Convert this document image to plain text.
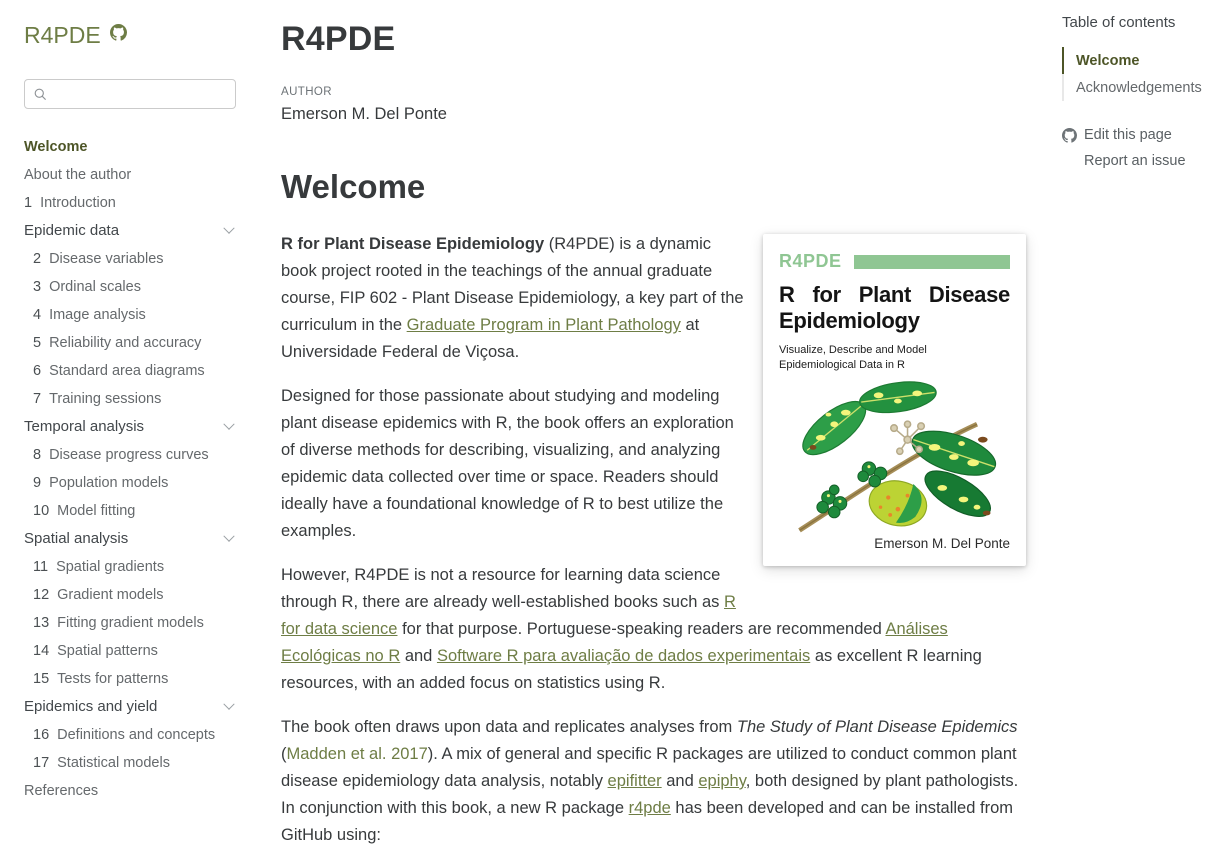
R4PDE
Welcome
About the author
1 Introduction
Epidemic data
2 Disease variables
3 Ordinal scales
4 Image analysis
5 Reliability and accuracy
6 Standard area diagrams
7 Training sessions
Temporal analysis
8 Disease progress curves
9 Population models
10 Model fitting
Spatial analysis
11 Spatial gradients
12 Gradient models
13 Fitting gradient models
14 Spatial patterns
15 Tests for patterns
Epidemics and yield
16 Definitions and concepts
17 Statistical models
References
R4PDE
AUTHOR
Emerson M. Del Ponte
Welcome
R4PDE
R for Plant Disease Epidemiology
Visualize, Describe and Model Epidemiological Data in R
Emerson M. Del Ponte

R for Plant Disease Epidemiology (R4PDE) is a dynamic book project rooted in the teachings of the annual graduate course, FIP 602 - Plant Disease Epidemiology, a key part of the curriculum in the Graduate Program in Plant Pathology at Universidade Federal de Viçosa.

Designed for those passionate about studying and modeling plant disease epidemics with R, the book offers an exploration of diverse methods for describing, visualizing, and analyzing epidemic data collected over time or space. Readers should ideally have a foundational knowledge of R to best utilize the examples.

However, R4PDE is not a resource for learning data science through R, there are already well-established books such as R for data science for that purpose. Portuguese-speaking readers are recommended Análises Ecológicas no R and Software R para avaliação de dados experimentais as excellent R learning resources, with an added focus on statistics using R.

The book often draws upon data and replicates analyses from The Study of Plant Disease Epidemics (Madden et al. 2017). A mix of general and specific R packages are utilized to conduct common plant disease epidemiology data analysis, notably epifitter and epiphy, both designed by plant pathologists. In conjunction with this book, a new R package r4pde has been developed and can be installed from GitHub using:

Table of contents
Welcome
Acknowledgements
Edit this page
Report an issue
